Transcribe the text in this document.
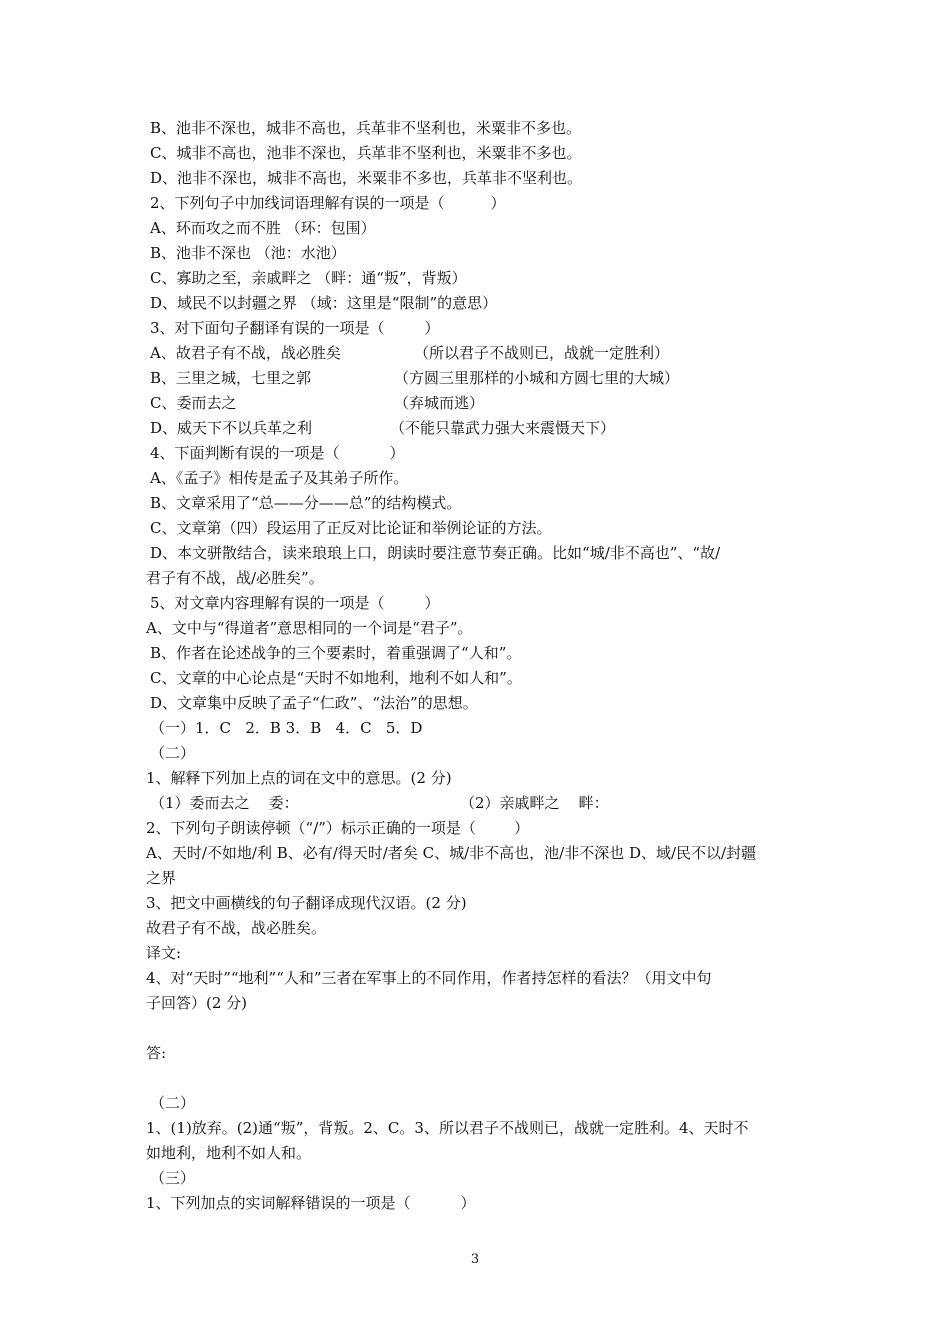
B、池非不深也，城非不高也，兵革非不坚利也，米粟非不多也。
C、城非不高也，池非不深也，兵革非不坚利也，米粟非不多也。
D、池非不深也，城非不高也，米粟非不多也，兵革非不坚利也。
2、下列句子中加线词语理解有误的一项是（	）
A、环而攻之而不胜 （环：包围）
B、池非不深也 （池：水池）
C、寡助之至，亲戚畔之 （畔：通“叛”，背叛）
D、域民不以封疆之界 （域：这里是“限制”的意思）
3、对下面句子翻译有误的一项是（	）
A、故君子有不战，战必胜矣	（所以君子不战则已，战就一定胜利）
B、三里之城，七里之郭	（方圆三里那样的小城和方圆七里的大城）
C、委而去之	（弃城而逃）
D、威天下不以兵革之利	（不能只靠武力强大来震慑天下）
4、下面判断有误的一项是（	）
A、《孟子》相传是孟子及其弟子所作。
B、文章采用了“总——分——总”的结构模式。
C、文章第（四）段运用了正反对比论证和举例论证的方法。
D、本文骈散结合，读来琅琅上口，朗读时要注意节奏正确。比如“城/非不高也”、“故/
君子有不战，战/必胜矣”。
5、对文章内容理解有误的一项是（	）
A、文中与“得道者”意思相同的一个词是“君子”。
B、作者在论述战争的三个要素时，着重强调了“人和”。
C、文章的中心论点是“天时不如地利，地利不如人和”。
D、文章集中反映了孟子“仁政”、“法治”的思想。
（一）1．C   2．B 3．B   4．C   5．D
（二）
1、解释下列加上点的词在文中的意思。(2 分)
（1）委而去之    委：	（2）亲戚畔之    畔：
2、下列句子朗读停顿（“/”）标示正确的一项是（        ）
A、天时/不如地/利 B、必有/得天时/者矣 C、城/非不高也，池/非不深也 D、域/民不以/封疆
之界
3、把文中画横线的句子翻译成现代汉语。(2 分)
故君子有不战，战必胜矣。
译文:
4、对“天时”“地利”“人和”三者在军事上的不同作用，作者持怎样的看法？（用文中句
子回答）(2 分)
答:
（二）
1、(1)放弃。(2)通“叛”，背叛。2、C。3、所以君子不战则已，战就一定胜利。4、天时不
如地利，地利不如人和。
（三）
1、下列加点的实词解释错误的一项是（	）
3
